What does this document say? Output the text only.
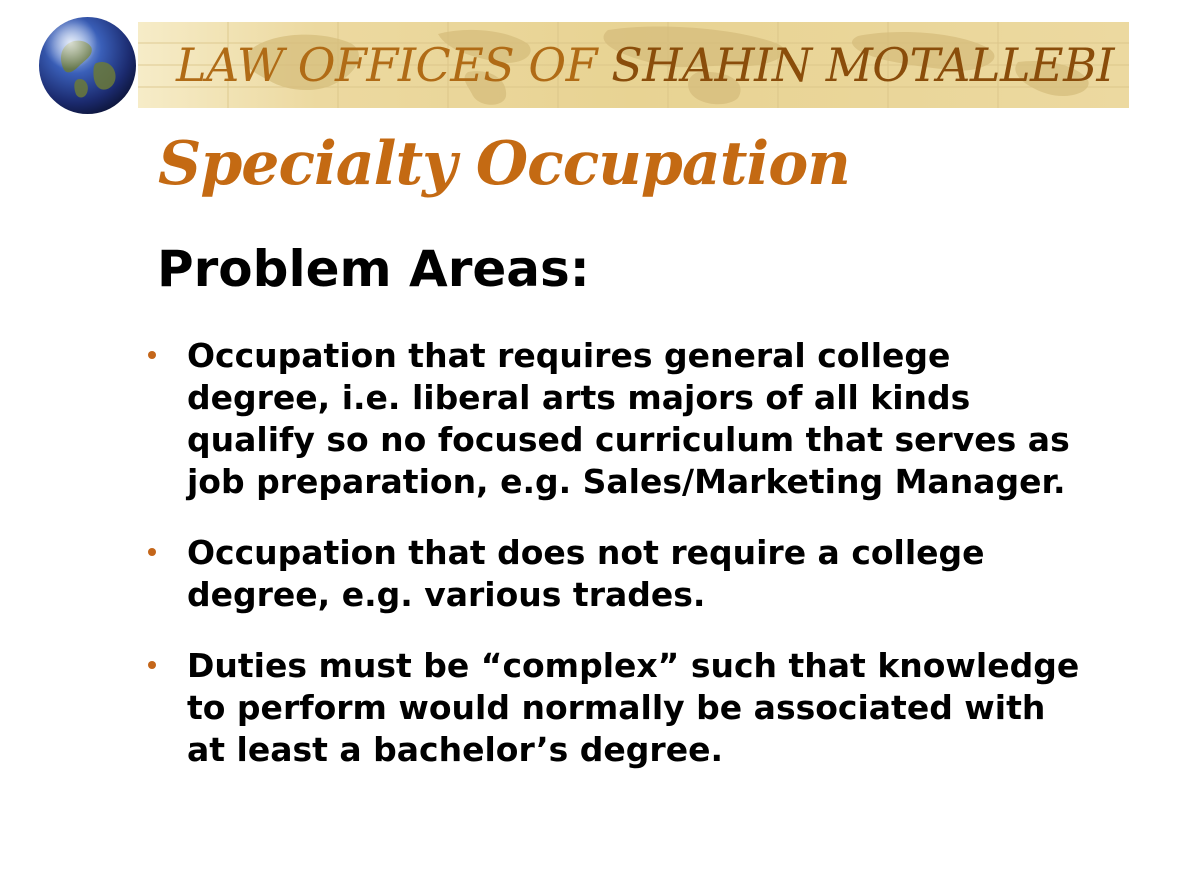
LAW OFFICES OF SHAHIN MOTALLEBI
Specialty Occupation
Problem Areas:
Occupation that requires general college degree, i.e. liberal arts majors of all kinds qualify so no focused curriculum that serves as job preparation, e.g. Sales/Marketing Manager.
Occupation that does not require a college degree, e.g. various trades.
Duties must be “complex” such that knowledge to perform would normally be associated with at least a bachelor’s degree.
